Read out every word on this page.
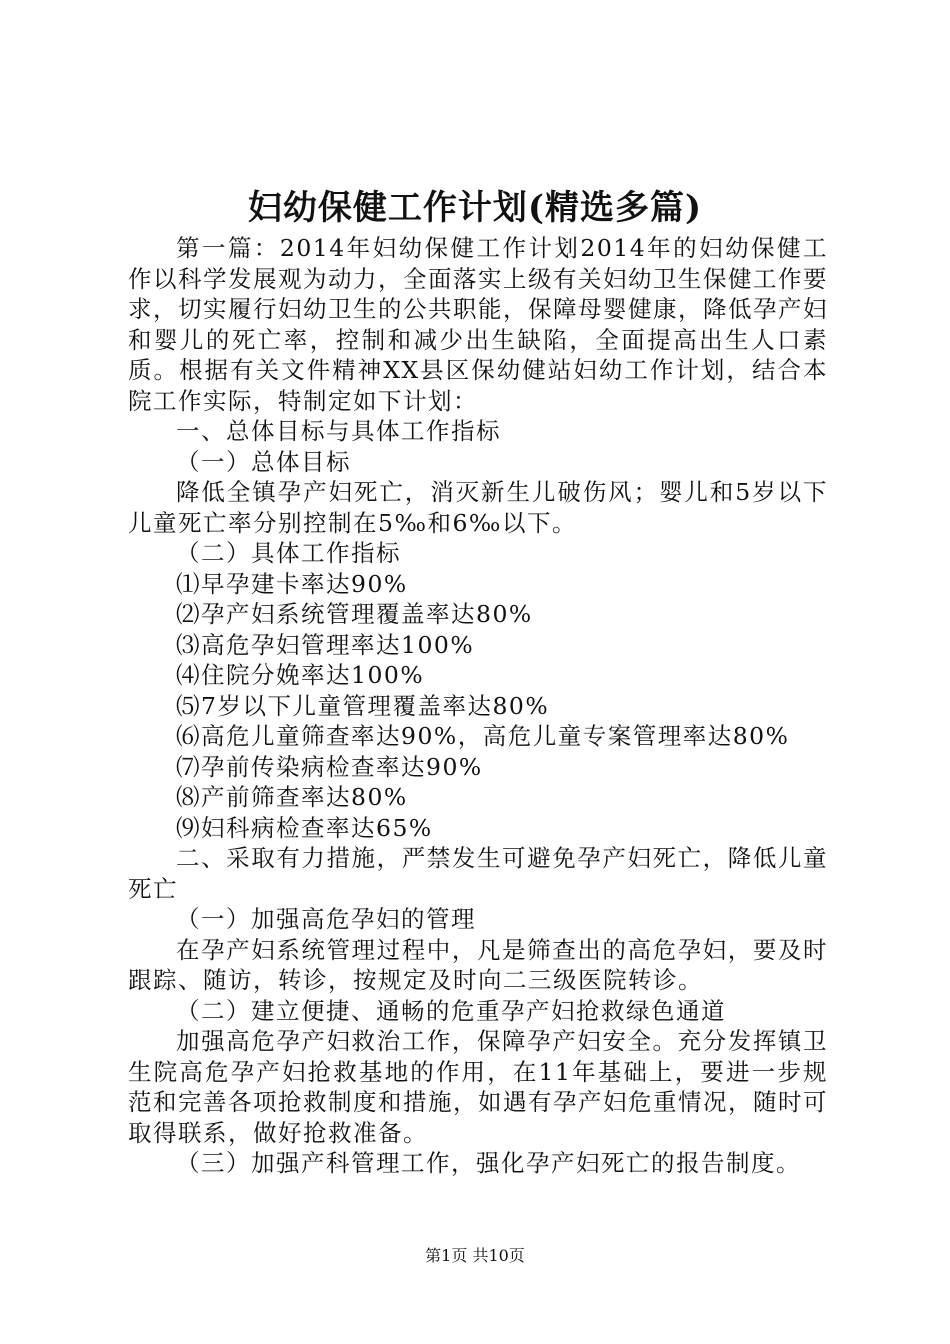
妇幼保健工作计划(精选多篇)

第一篇：2014年妇幼保健工作计划2014年的妇幼保健工作以科学发展观为动力，全面落实上级有关妇幼卫生保健工作要求，切实履行妇幼卫生的公共职能，保障母婴健康，降低孕产妇和婴儿的死亡率，控制和减少出生缺陷，全面提高出生人口素质。根据有关文件精神XX县区保幼健站妇幼工作计划，结合本院工作实际，特制定如下计划：

一、总体目标与具体工作指标

（一）总体目标

降低全镇孕产妇死亡，消灭新生儿破伤风；婴儿和5岁以下儿童死亡率分别控制在5‰和6‰以下。

（二）具体工作指标

⑴早孕建卡率达90%

⑵孕产妇系统管理覆盖率达80%

⑶高危孕妇管理率达100%

⑷住院分娩率达100%

⑸7岁以下儿童管理覆盖率达80%

⑹高危儿童筛查率达90%，高危儿童专案管理率达80%

⑺孕前传染病检查率达90%

⑻产前筛查率达80%

⑼妇科病检查率达65%

二、采取有力措施，严禁发生可避免孕产妇死亡，降低儿童死亡

（一）加强高危孕妇的管理

在孕产妇系统管理过程中，凡是筛查出的高危孕妇，要及时跟踪、随访，转诊，按规定及时向二三级医院转诊。

（二）建立便捷、通畅的危重孕产妇抢救绿色通道

加强高危孕产妇救治工作，保障孕产妇安全。充分发挥镇卫生院高危孕产妇抢救基地的作用，在11年基础上，要进一步规范和完善各项抢救制度和措施，如遇有孕产妇危重情况，随时可取得联系，做好抢救准备。

（三）加强产科管理工作，强化孕产妇死亡的报告制度。

第1页 共10页
